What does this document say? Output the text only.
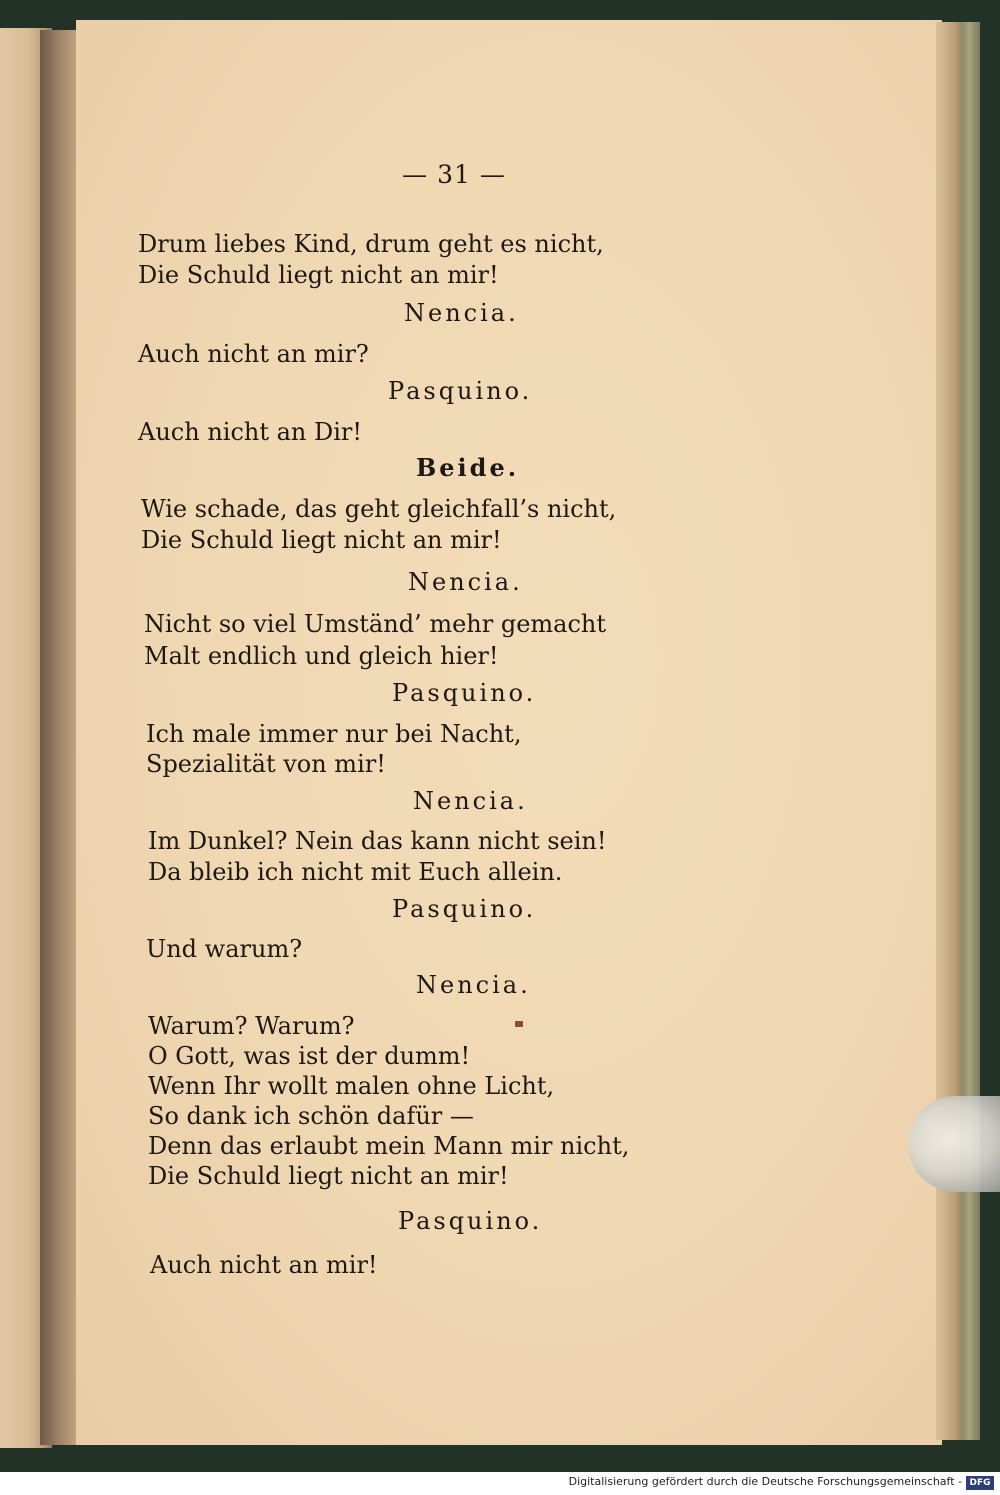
— 31 —
Drum liebes Kind, drum geht es nicht,
Die Schuld liegt nicht an mir!
Nencia.
Auch nicht an mir?
Pasquino.
Auch nicht an Dir!
Beide.
Wie schade, das geht gleichfall’s nicht,
Die Schuld liegt nicht an mir!
Nencia.
Nicht so viel Umständ’ mehr gemacht
Malt endlich und gleich hier!
Pasquino.
Ich male immer nur bei Nacht,
Spezialität von mir!
Nencia.
Im Dunkel? Nein das kann nicht sein!
Da bleib ich nicht mit Euch allein.
Pasquino.
Und warum?
Nencia.
Warum? Warum?
O Gott, was ist der dumm!
Wenn Ihr wollt malen ohne Licht,
So dank ich schön dafür —
Denn das erlaubt mein Mann mir nicht,
Die Schuld liegt nicht an mir!
Pasquino.
Auch nicht an mir!
Digitalisierung gefördert durch die Deutsche Forschungsgemeinschaft - DFG
